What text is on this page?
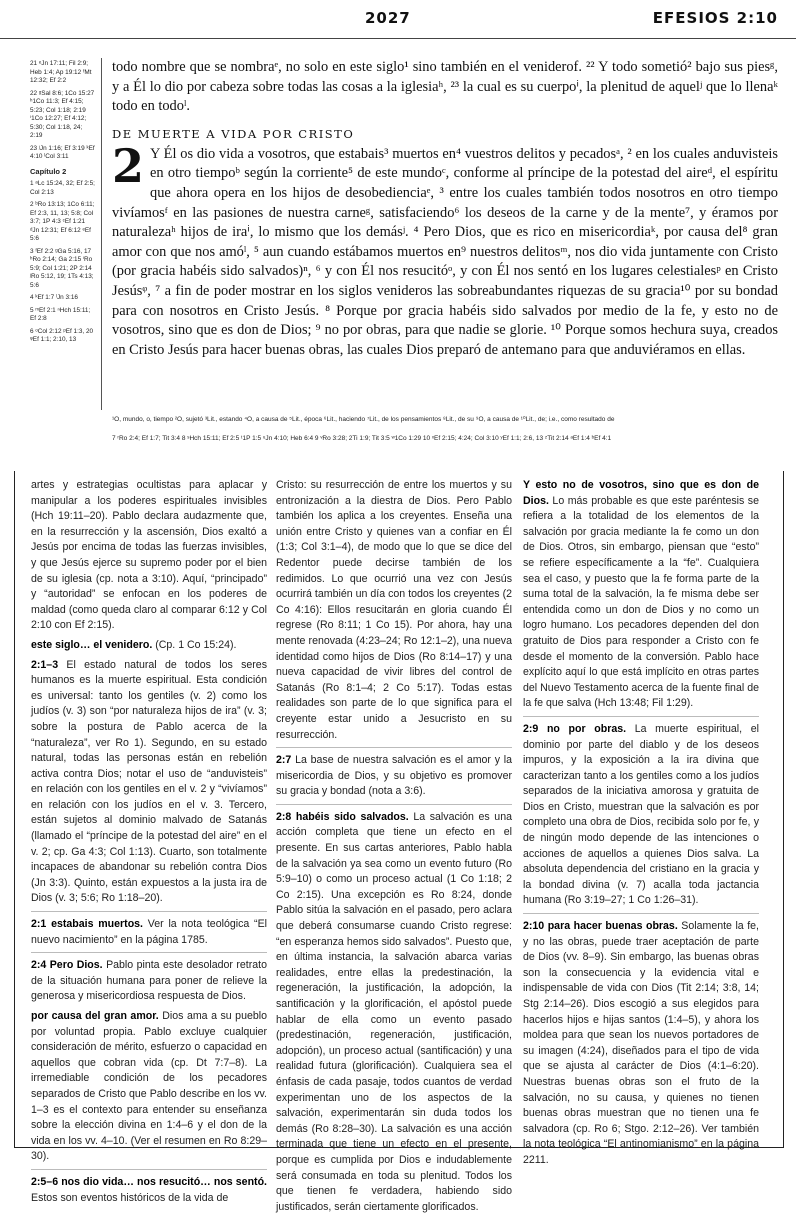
2027	EFESIOS 2:10

21 ᵉJn 17:11; Fil 2:9; Heb 1:4; Ap 19:12 ᶠMt 12:32; Ef 2:2

22 ᵍSal 8:6; 1Co 15:27 ʰ1Co 11:3; Ef 4:15; 5:23; Col 1:18; 2:19 ⁱ1Co 12:27; Ef 4:12; 5:30; Col 1:18, 24; 2:19

23 ʲJn 1:16; Ef 3:19 ᵏEf 4:10 ˡCol 3:11

Capítulo 2

1 ᵃLc 15:24, 32; Ef 2:5; Col 2:13

2 ᵇRo 13:13; 1Co 6:11; Ef 2:3, 11, 13; 5:8; Col 3:7; 1P 4:3 ᶜEf 1:21 ᵈJn 12:31; Ef 6:12 ᵉEf 5:6

3 ᶠEf 2:2 ᵍGa 5:16, 17 ʰRo 2:14; Ga 2:15 ⁱRo 5:9; Col 1:21; 2P 2:14 ʲRo 5:12, 19; 1Ts 4:13; 5:6

4 ᵏEf 1:7 ˡJn 3:16

5 ᵐEf 2:1 ⁿHch 15:11; Ef 2:8

6 ᵒCol 2:12 ᵖEf 1:3, 20 ᵠEf 1:1; 2:10, 13

todo nombre que se nombraᵉ, no solo en este siglo¹ sino también en el veniderof. ²² Y todo sometió² bajo sus piesᵍ, y a Él lo dio por cabeza sobre todas las cosas a la iglesiaʰ, ²³ la cual es su cuerpoⁱ, la plenitud de aquelʲ que lo llenaᵏ todo en todoˡ.

DE MUERTE A VIDA POR CRISTO

2 Y Él os dio vida a vosotros, que estabais³ muertos en⁴ vuestros delitos y pecadosᵃ, ² en los cuales anduvisteis en otro tiempoᵇ según la corriente⁵ de este mundoᶜ, conforme al príncipe de la potestad del aireᵈ, el espíritu que ahora opera en los hijos de desobedienciaᵉ, ³ entre los cuales también todos nosotros en otro tiempo vivíamosᶠ en las pasiones de nuestra carneᵍ, satisfaciendo⁶ los deseos de la carne y de la mente⁷, y éramos por naturalezaʰ hijos de iraⁱ, lo mismo que los demásʲ. ⁴ Pero Dios, que es rico en misericordiaᵏ, por causa del⁸ gran amor con que nos amóˡ, ⁵ aun cuando estábamos muertos en⁹ nuestros delitosᵐ, nos dio vida juntamente con Cristo (por gracia habéis sido salvados)ⁿ, ⁶ y con Él nos resucitóᵒ, y con Él nos sentó en los lugares celestialesᵖ en Cristo Jesúsᵠ, ⁷ a fin de poder mostrar en los siglos venideros las sobreabundantes riquezas de su gracia¹⁰ por su bondad para con nosotros en Cristo Jesús. ⁸ Porque por gracia habéis sido salvados por medio de la fe, y esto no de vosotros, sino que es don de Dios; ⁹ no por obras, para que nadie se glorie. ¹⁰ Porque somos hechura suya, creados en Cristo Jesús para hacer buenas obras, las cuales Dios preparó de antemano para que anduviéramos en ellas.

¹O, mundo, o, tiempo ²O, sujetó ³Lit., estando ⁴O, a causa de ⁵Lit., época ⁶Lit., haciendo ⁷Lit., de los pensamientos ⁸Lit., de su ⁹O, a causa de ¹⁰Lit., de; i.e., como resultado de

7 ʳRo 2:4; Ef 1:7; Tit 3:4 8 ˢHch 15:11; Ef 2:5 ᵗ1P 1:5 ᵘJn 4:10; Heb 6:4 9 ᵛRo 3:28; 2Ti 1:9; Tit 3:5 ʷ1Co 1:29 10 ˣEf 2:15; 4:24; Col 3:10 ʸEf 1:1; 2:6, 13 ᶻTit 2:14 ᵃEf 1:4 ᵇEf 4:1

artes y estrategias ocultistas para aplacar y manipular a los poderes espirituales invisibles (Hch 19:11–20). Pablo declara audazmente que, en la resurrección y la ascensión, Dios exaltó a Jesús por encima de todas las fuerzas invisibles, y que Jesús ejerce su supremo poder por el bien de su iglesia (cp. nota a 3:10). Aquí, “principado” y “autoridad” se enfocan en los poderes de maldad (como queda claro al comparar 6:12 y Col 2:10 con Ef 2:15).

este siglo… el venidero. (Cp. 1 Co 15:24).

2:1–3 El estado natural de todos los seres humanos es la muerte espiritual. Esta condición es universal: tanto los gentiles (v. 2) como los judíos (v. 3) son “por naturaleza hijos de ira” (v. 3; sobre la postura de Pablo acerca de la “naturaleza”, ver Ro 1). Segundo, en su estado natural, todas las personas están en rebelión activa contra Dios; notar el uso de “anduvisteis” en relación con los gentiles en el v. 2 y “vivíamos” en relación con los judíos en el v. 3. Tercero, están sujetos al dominio malvado de Satanás (llamado el “príncipe de la potestad del aire” en el v. 2; cp. Ga 4:3; Col 1:13). Cuarto, son totalmente incapaces de abandonar su rebelión contra Dios (Jn 3:3). Quinto, están expuestos a la justa ira de Dios (v. 3; 5:6; Ro 1:18–20).

2:1 estabais muertos. Ver la nota teológica “El nuevo nacimiento” en la página 1785.

2:4 Pero Dios. Pablo pinta este desolador retrato de la situación humana para poner de relieve la generosa y misericordiosa respuesta de Dios.

por causa del gran amor. Dios ama a su pueblo por voluntad propia. Pablo excluye cualquier consideración de mérito, esfuerzo o capacidad en aquellos que cobran vida (cp. Dt 7:7–8). La irremediable condición de los pecadores separados de Cristo que Pablo describe en los vv. 1–3 es el contexto para entender su enseñanza sobre la elección divina en 1:4–6 y el don de la vida en los vv. 4–10. (Ver el resumen en Ro 8:29–30).

2:5–6 nos dio vida… nos resucitó… nos sentó. Estos son eventos históricos de la vida de

Cristo: su resurrección de entre los muertos y su entronización a la diestra de Dios. Pero Pablo también los aplica a los creyentes. Enseña una unión entre Cristo y quienes van a confiar en Él (1:3; Col 3:1–4), de modo que lo que se dice del Redentor puede decirse también de los redimidos. Lo que ocurrió una vez con Jesús ocurrirá también un día con todos los creyentes (2 Co 4:16): Ellos resucitarán en gloria cuando Él regrese (Ro 8:11; 1 Co 15). Por ahora, hay una mente renovada (4:23–24; Ro 12:1–2), una nueva identidad como hijos de Dios (Ro 8:14–17) y una nueva capacidad de vivir libres del control de Satanás (Ro 8:1–4; 2 Co 5:17). Todas estas realidades son parte de lo que significa para el creyente estar unido a Jesucristo en su resurrección.

2:7 La base de nuestra salvación es el amor y la misericordia de Dios, y su objetivo es promover su gracia y bondad (nota a 3:6).

2:8 habéis sido salvados. La salvación es una acción completa que tiene un efecto en el presente. En sus cartas anteriores, Pablo habla de la salvación ya sea como un evento futuro (Ro 5:9–10) o como un proceso actual (1 Co 1:18; 2 Co 2:15). Una excepción es Ro 8:24, donde Pablo sitúa la salvación en el pasado, pero aclara que deberá consumarse cuando Cristo regrese: “en esperanza hemos sido salvados”. Puesto que, en última instancia, la salvación abarca varias realidades, entre ellas la predestinación, la regeneración, la justificación, la adopción, la santificación y la glorificación, el apóstol puede hablar de ella como un evento pasado (predestinación, regeneración, justificación, adopción), un proceso actual (santificación) y una realidad futura (glorificación). Cualquiera sea el énfasis de cada pasaje, todos cuantos de verdad experimentan uno de los aspectos de la salvación, experimentarán sin duda todos los demás (Ro 8:28–30). La salvación es una acción terminada que tiene un efecto en el presente, porque es cumplida por Dios e indudablemente será consumada en toda su plenitud. Todos los que tienen fe verdadera, habiendo sido justificados, serán ciertamente glorificados.

Y esto no de vosotros, sino que es don de Dios. Lo más probable es que este paréntesis se refiera a la totalidad de los elementos de la salvación por gracia mediante la fe como un don de Dios. Otros, sin embargo, piensan que “esto” se refiere específicamente a la “fe”. Cualquiera sea el caso, y puesto que la fe forma parte de la suma total de la salvación, la fe misma debe ser entendida como un don de Dios y no como un logro humano. Los pecadores dependen del don gratuito de Dios para responder a Cristo con fe desde el momento de la conversión. Pablo hace explícito aquí lo que está implícito en otras partes del Nuevo Testamento acerca de la fuente final de la fe que salva (Hch 13:48; Fil 1:29).

2:9 no por obras. La muerte espiritual, el dominio por parte del diablo y de los deseos impuros, y la exposición a la ira divina que caracterizan tanto a los gentiles como a los judíos separados de la iniciativa amorosa y gratuita de Dios en Cristo, muestran que la salvación es por completo una obra de Dios, recibida solo por fe, y de ningún modo depende de las intenciones o acciones de aquellos a quienes Dios salva. La absoluta dependencia del cristiano en la gracia y la bondad divina (v. 7) acalla toda jactancia humana (Ro 3:19–27; 1 Co 1:26–31).

2:10 para hacer buenas obras. Solamente la fe, y no las obras, puede traer aceptación de parte de Dios (vv. 8–9). Sin embargo, las buenas obras son la consecuencia y la evidencia vital e indispensable de vida con Dios (Tit 2:14; 3:8, 14; Stg 2:14–26). Dios escogió a sus elegidos para hacerlos hijos e hijas santos (1:4–5), y ahora los moldea para que sean los nuevos portadores de su imagen (4:24), diseñados para el tipo de vida que se ajusta al carácter de Dios (4:1–6:20). Nuestras buenas obras son el fruto de la salvación, no su causa, y quienes no tienen buenas obras muestran que no tienen una fe salvadora (cp. Ro 6; Stgo. 2:12–26). Ver también la nota teológica “El antinomianismo” en la página 2211.
